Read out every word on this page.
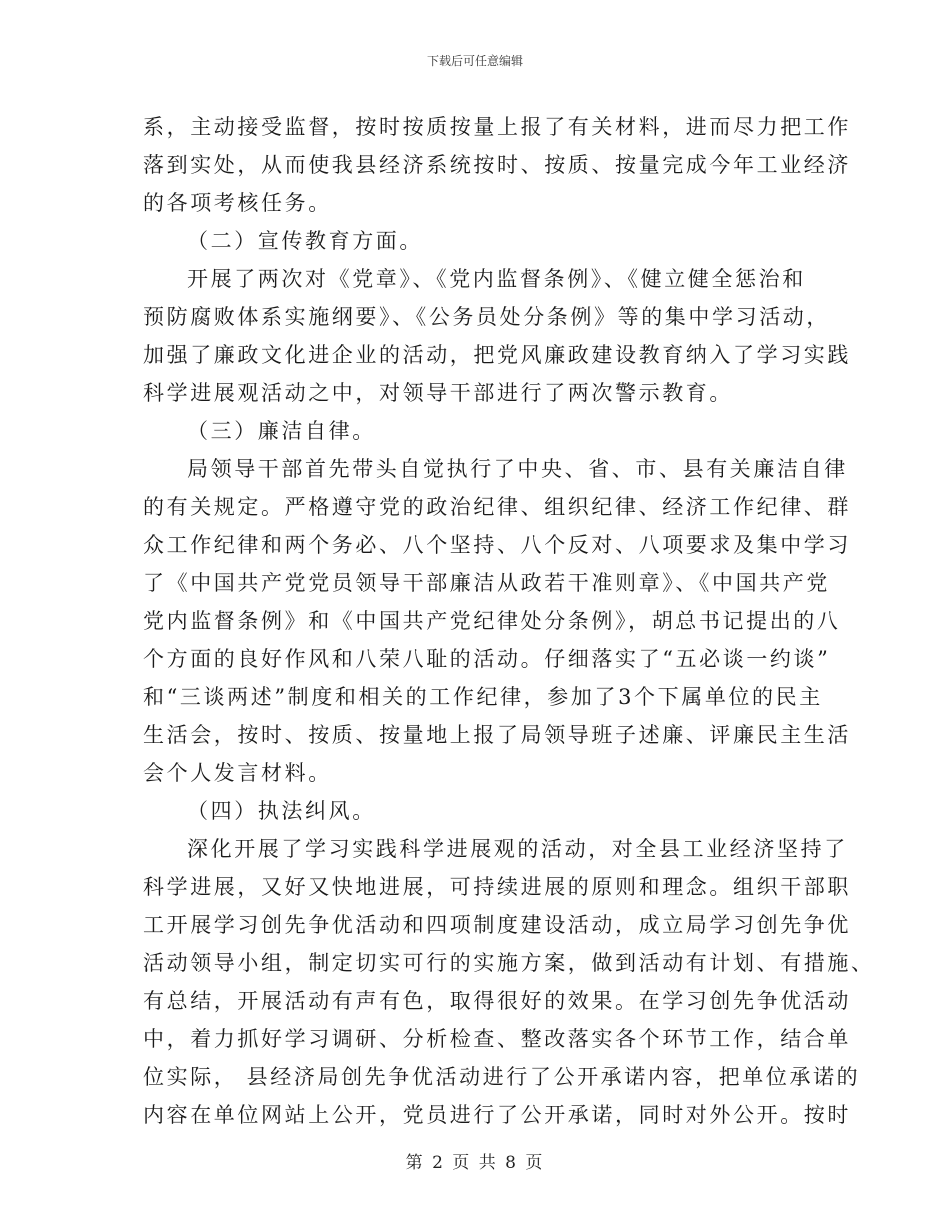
下载后可任意编辑
系，主动接受监督，按时按质按量上报了有关材料，进而尽力把工作
落到实处，从而使我县经济系统按时、按质、按量完成今年工业经济
的各项考核任务。
（二）宣传教育方面。
开展了两次对《党章》、《党内监督条例》、《健立健全惩治和
预防腐败体系实施纲要》、《公务员处分条例》等的集中学习活动，
加强了廉政文化进企业的活动，把党风廉政建设教育纳入了学习实践
科学进展观活动之中，对领导干部进行了两次警示教育。
（三）廉洁自律。
局领导干部首先带头自觉执行了中央、省、市、县有关廉洁自律
的有关规定。严格遵守党的政治纪律、组织纪律、经济工作纪律、群
众工作纪律和两个务必、八个坚持、八个反对、八项要求及集中学习
了《中国共产党党员领导干部廉洁从政若干准则章》、《中国共产党
党内监督条例》和《中国共产党纪律处分条例》，胡总书记提出的八
个方面的良好作风和八荣八耻的活动。仔细落实了“五必谈一约谈”
和“三谈两述”制度和相关的工作纪律，参加了3个下属单位的民主
生活会，按时、按质、按量地上报了局领导班子述廉、评廉民主生活
会个人发言材料。
（四）执法纠风。
深化开展了学习实践科学进展观的活动，对全县工业经济坚持了
科学进展，又好又快地进展，可持续进展的原则和理念。组织干部职
工开展学习创先争优活动和四项制度建设活动，成立局学习创先争优
活动领导小组，制定切实可行的实施方案，做到活动有计划、有措施、
有总结，开展活动有声有色，取得很好的效果。在学习创先争优活动
中，着力抓好学习调研、分析检查、整改落实各个环节工作，结合单
位实际， 县经济局创先争优活动进行了公开承诺内容，把单位承诺的
内容在单位网站上公开，党员进行了公开承诺，同时对外公开。按时
第 2 页 共 8 页
